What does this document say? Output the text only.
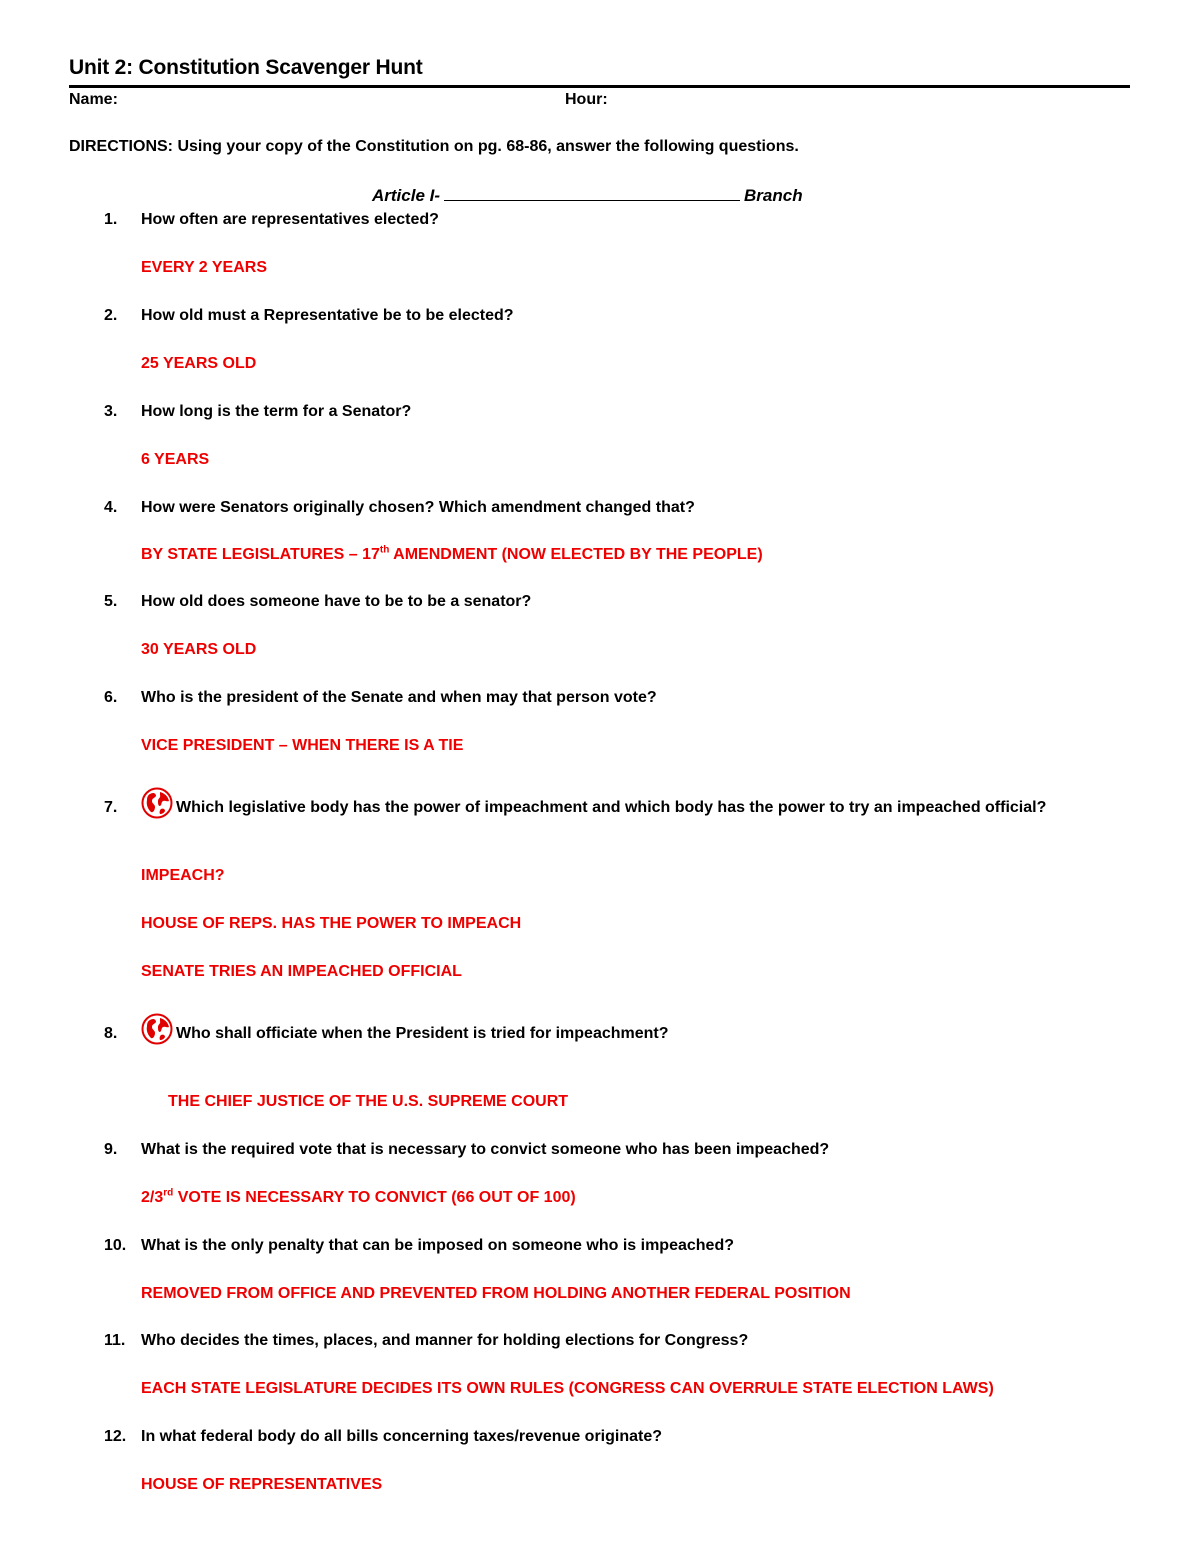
Unit 2: Constitution Scavenger Hunt
Name:	Hour:
DIRECTIONS: Using your copy of the Constitution on pg. 68-86, answer the following questions.
Article I-	Branch
1.	How often are representatives elected?
EVERY 2 YEARS
2.	How old must a Representative be to be elected?
25 YEARS OLD
3.	How long is the term for a Senator?
6 YEARS
4.	How were Senators originally chosen? Which amendment changed that?
BY STATE LEGISLATURES – 17th AMENDMENT (NOW ELECTED BY THE PEOPLE)
5.	How old does someone have to be to be a senator?
30 YEARS OLD
6.	Who is the president of the Senate and when may that person vote?
VICE PRESIDENT – WHEN THERE IS A TIE
7.	Which legislative body has the power of impeachment and which body has the power to try an impeached official?
IMPEACH?
HOUSE OF REPS. HAS THE POWER TO IMPEACH
SENATE TRIES AN IMPEACHED OFFICIAL
8.	Who shall officiate when the President is tried for impeachment?
THE CHIEF JUSTICE OF THE U.S. SUPREME COURT
9.	What is the required vote that is necessary to convict someone who has been impeached?
2/3rd VOTE IS NECESSARY TO CONVICT (66 OUT OF 100)
10. What is the only penalty that can be imposed on someone who is impeached?
REMOVED FROM OFFICE AND PREVENTED FROM HOLDING ANOTHER FEDERAL POSITION
11. Who decides the times, places, and manner for holding elections for Congress?
EACH STATE LEGISLATURE DECIDES ITS OWN RULES (CONGRESS CAN OVERRULE STATE ELECTION LAWS)
12. In what federal body do all bills concerning taxes/revenue originate?
HOUSE OF REPRESENTATIVES
